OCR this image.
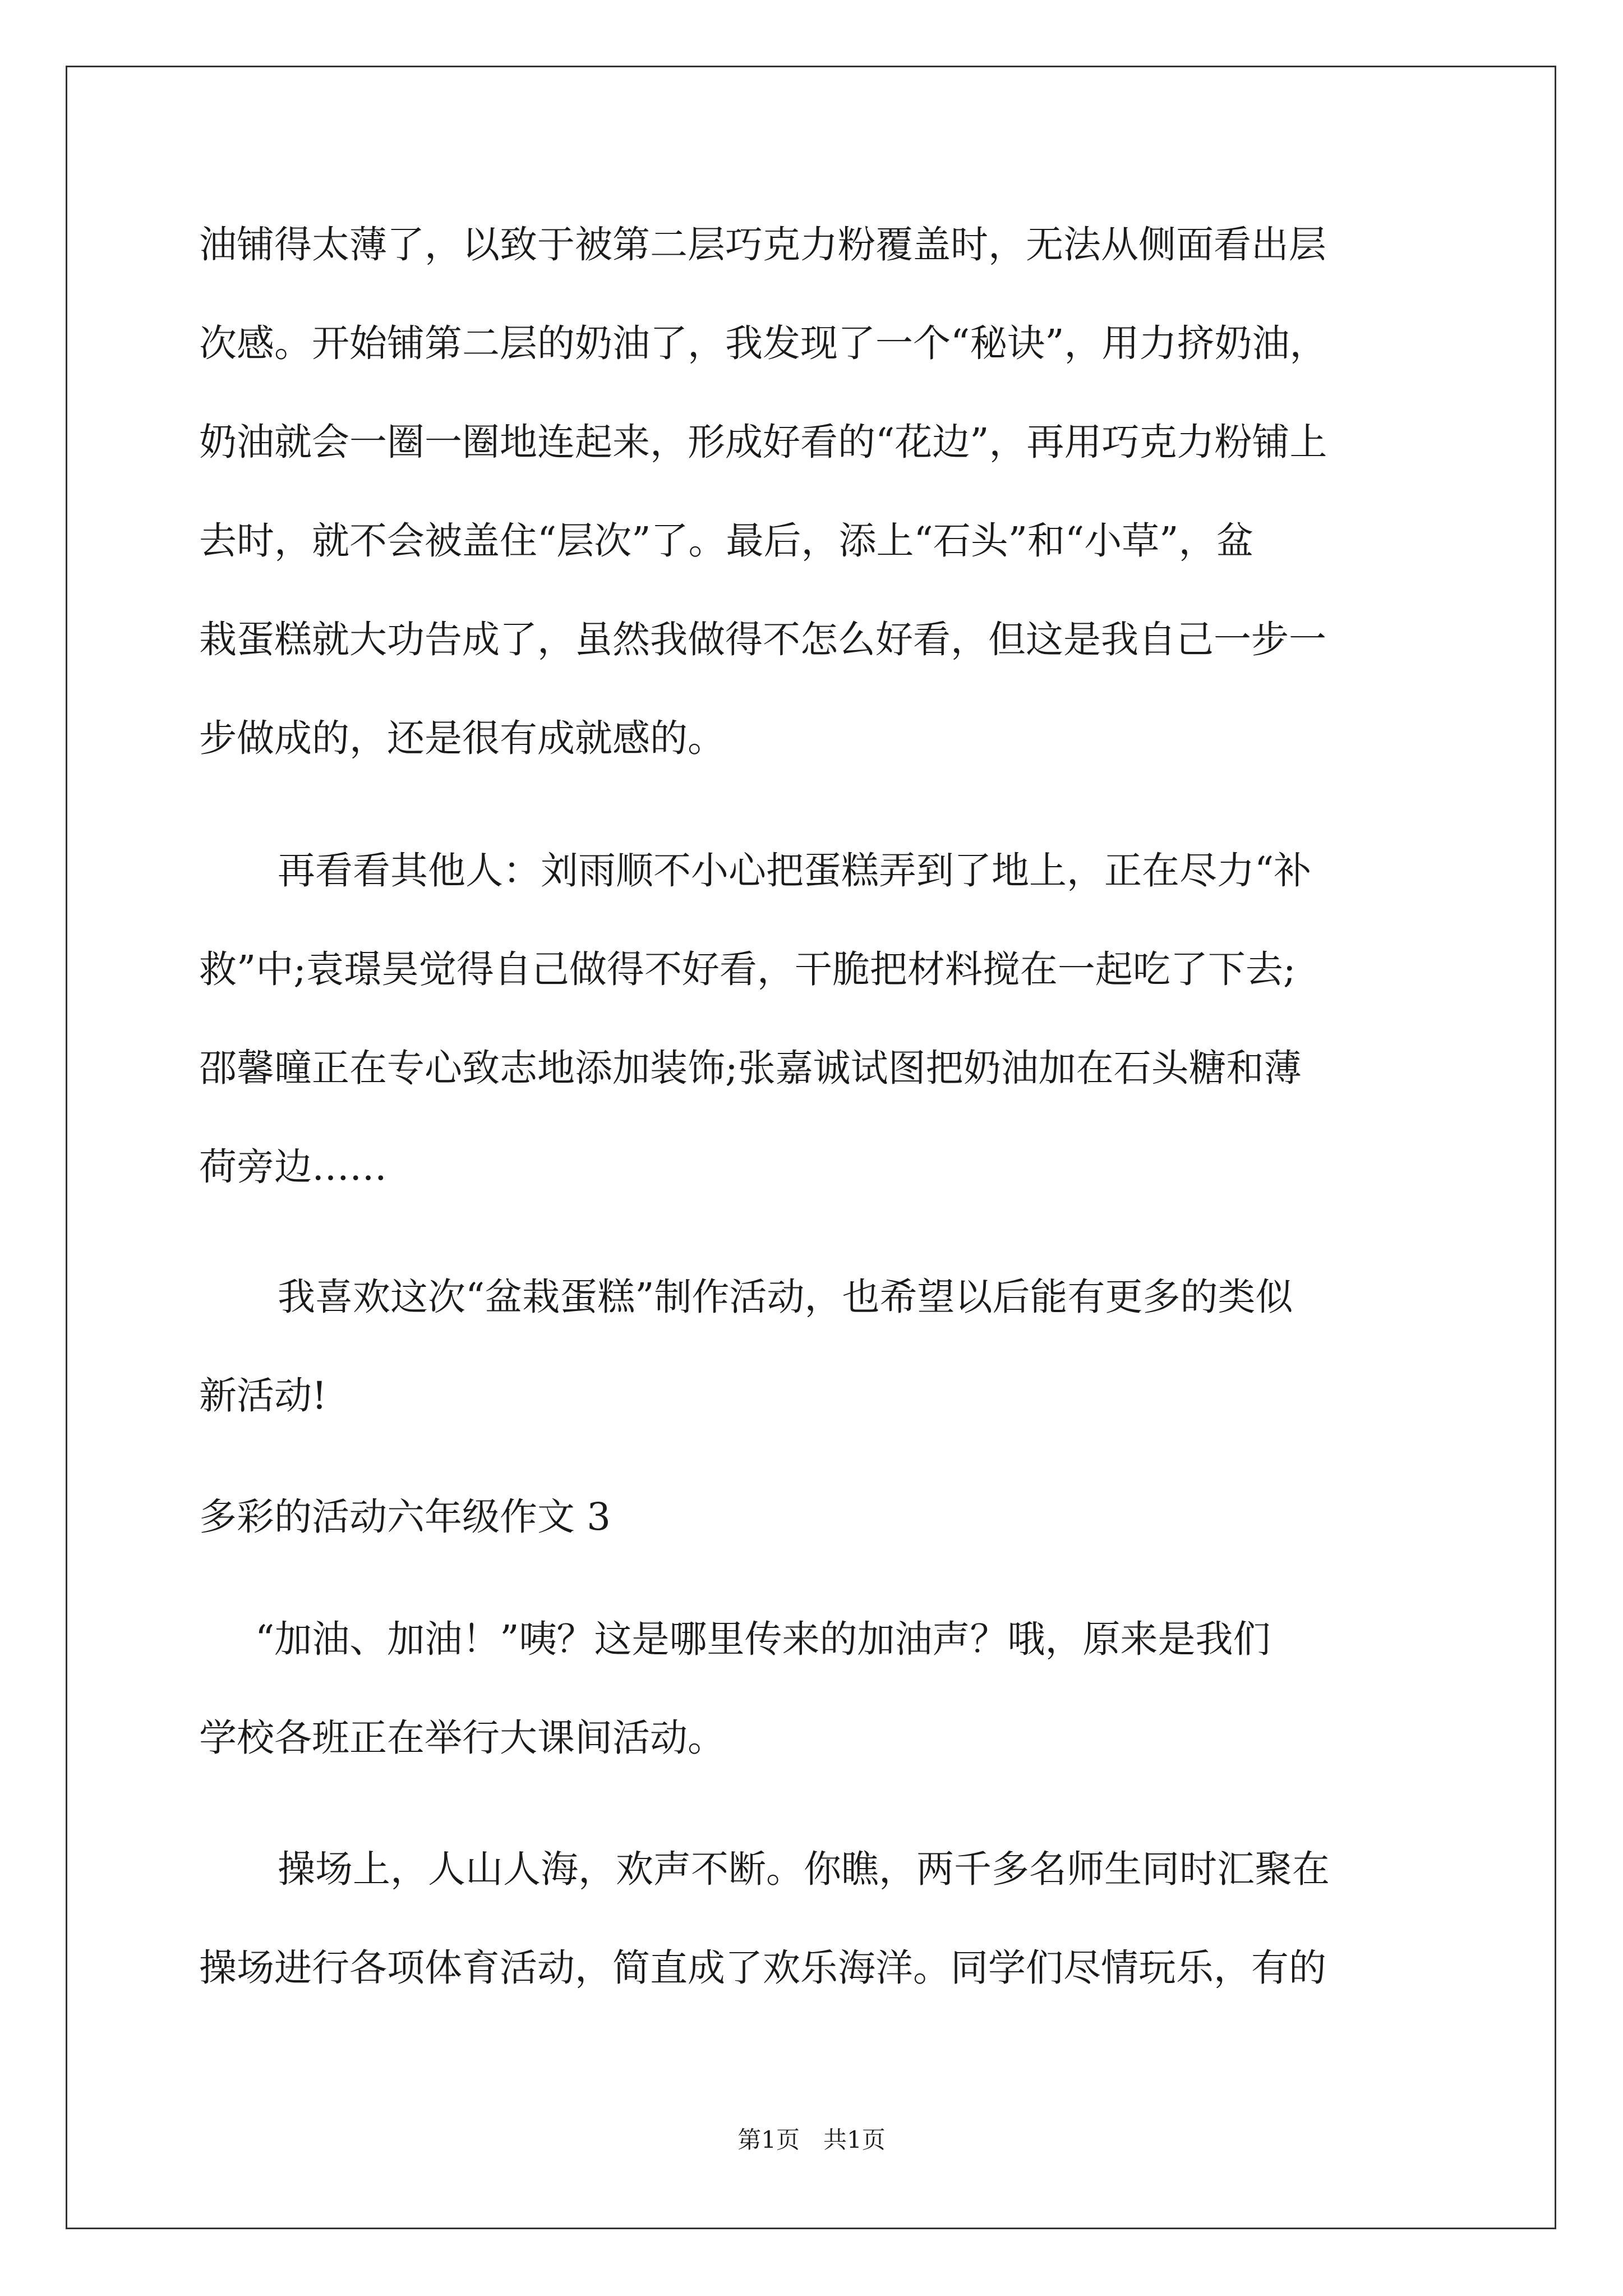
油铺得太薄了，以致于被第二层巧克力粉覆盖时，无法从侧面看出层
次感。开始铺第二层的奶油了，我发现了一个“秘诀”，用力挤奶油，
奶油就会一圈一圈地连起来，形成好看的“花边”，再用巧克力粉铺上
去时，就不会被盖住“层次”了。最后，添上“石头”和“小草”，盆
栽蛋糕就大功告成了，虽然我做得不怎么好看，但这是我自己一步一
步做成的，还是很有成就感的。
再看看其他人：刘雨顺不小心把蛋糕弄到了地上，正在尽力“补
救”中;袁璟昊觉得自己做得不好看，干脆把材料搅在一起吃了下去;
邵馨曈正在专心致志地添加装饰;张嘉诚试图把奶油加在石头糖和薄
荷旁边……
我喜欢这次“盆栽蛋糕”制作活动，也希望以后能有更多的类似
新活动!
多彩的活动六年级作文 3
“加油、加油！”咦？这是哪里传来的加油声？哦，原来是我们
学校各班正在举行大课间活动。
操场上，人山人海，欢声不断。你瞧，两千多名师生同时汇聚在
操场进行各项体育活动，简直成了欢乐海洋。同学们尽情玩乐，有的
第1页　共1页
